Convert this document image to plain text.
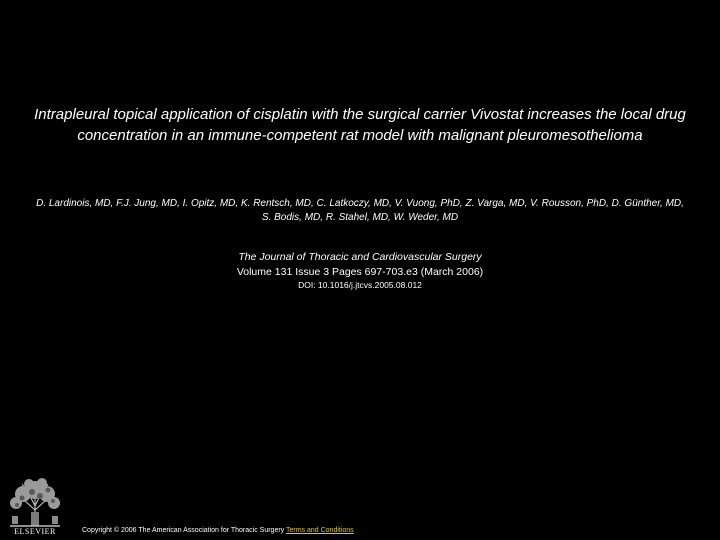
Intrapleural topical application of cisplatin with the surgical carrier Vivostat increases the local drug concentration in an immune-competent rat model with malignant pleuromesothelioma
D. Lardinois, MD, F.J. Jung, MD, I. Opitz, MD, K. Rentsch, MD, C. Latkoczy, MD, V. Vuong, PhD, Z. Varga, MD, V. Rousson, PhD, D. Günther, MD, S. Bodis, MD, R. Stahel, MD, W. Weder, MD
The Journal of Thoracic and Cardiovascular Surgery
Volume 131 Issue 3 Pages 697-703.e3 (March 2006)
DOI: 10.1016/j.jtcvs.2005.08.012
ELSEVIER	Copyright © 2006 The American Association for Thoracic Surgery Terms and Conditions
